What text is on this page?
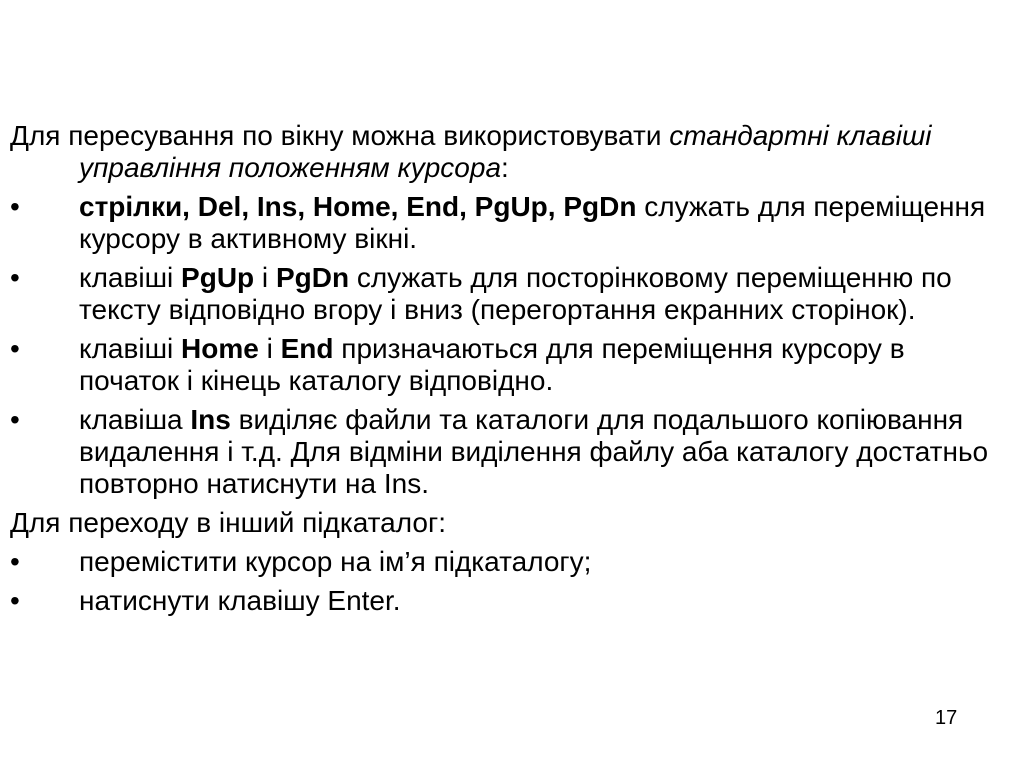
Для пересування по вікну можна використовувати стандартні клавіші управління положенням курсора:

•	стрілки, Del, Ins, Home, End, PgUp, PgDn служать для переміщення курсору в активному вікні.
•	клавіші PgUp і PgDn служать для посторінковому переміщенню по тексту відповідно вгору і вниз (перегортання екранних сторінок).
•	клавіші Home і End призначаються для переміщення курсору в початок і кінець каталогу відповідно.
•	клавіша Ins виділяє файли та каталоги для подальшого копіювання видалення і т.д. Для відміни виділення файлу аба каталогу достатньо повторно натиснути на Ins.

Для переходу в інший підкаталог:

•	перемістити курсор на ім’я підкаталогу;
•	натиснути клавішу Enter.
17
